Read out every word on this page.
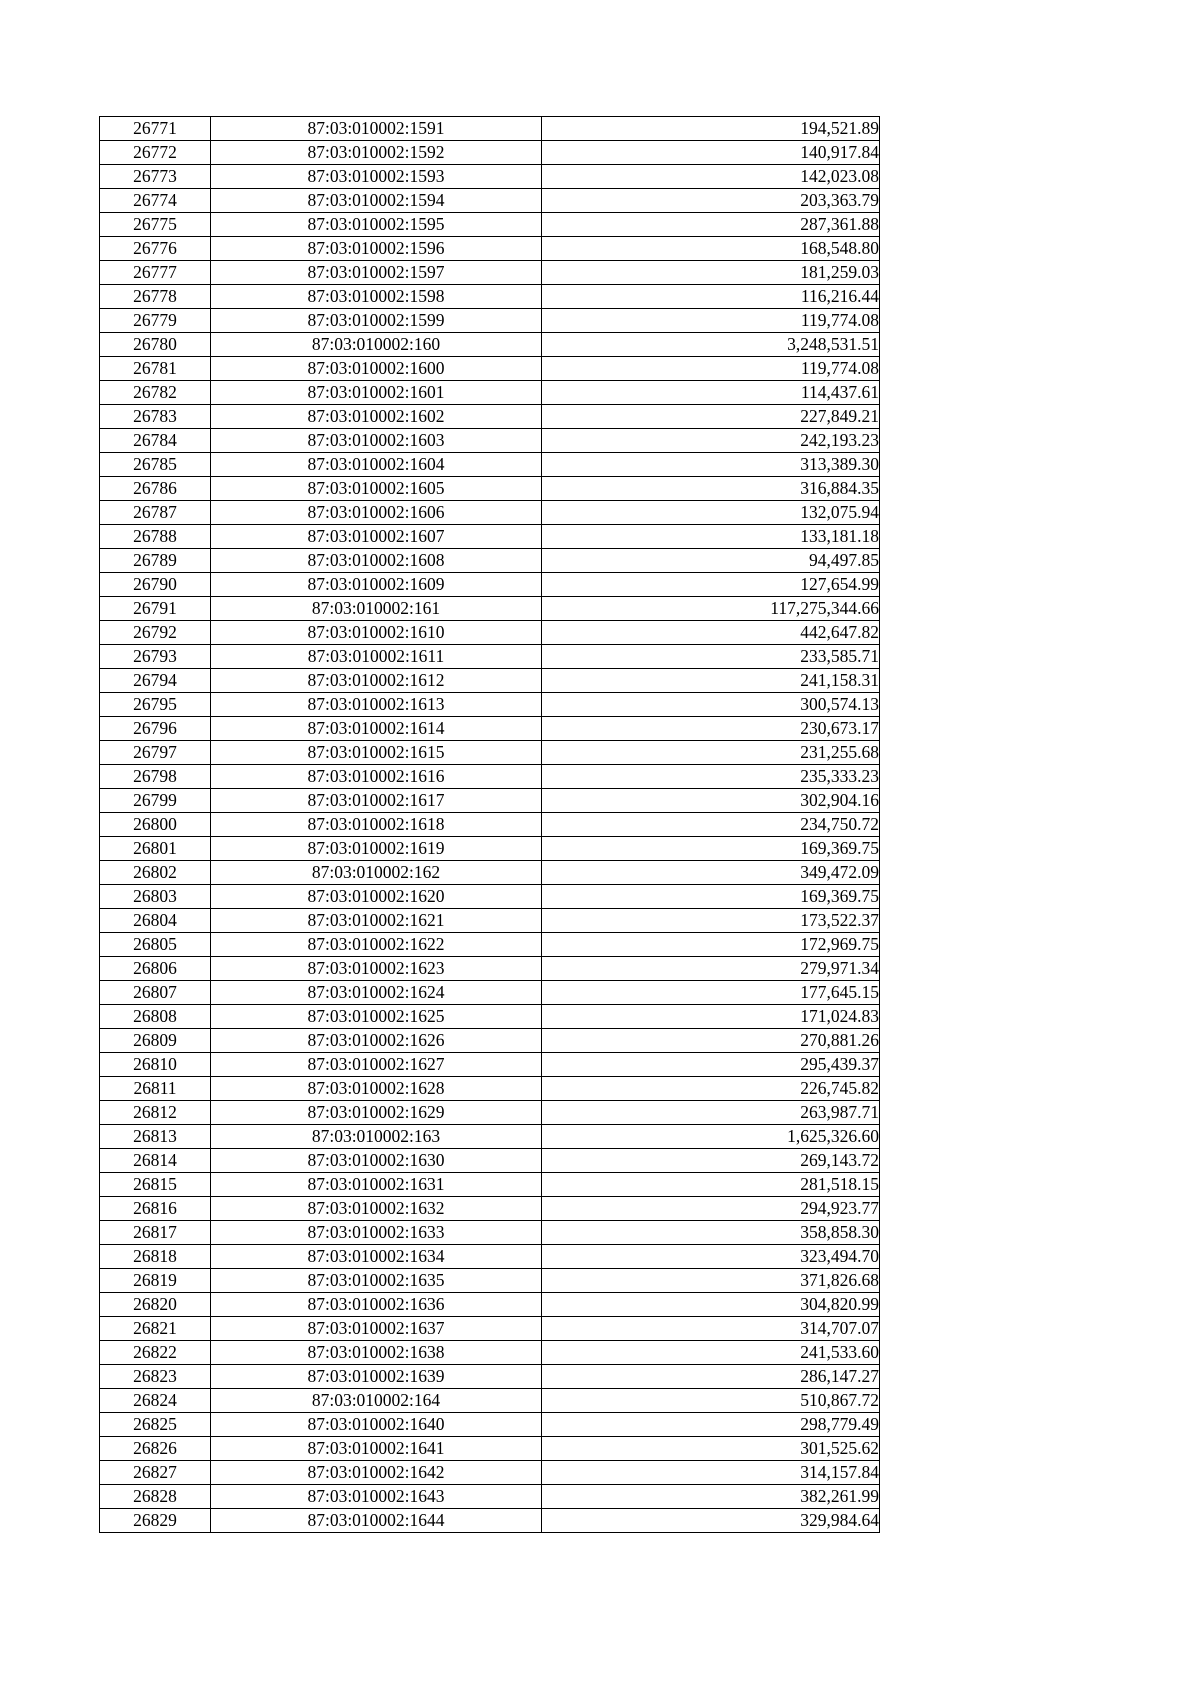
26771	87:03:010002:1591	194,521.89
26772	87:03:010002:1592	140,917.84
26773	87:03:010002:1593	142,023.08
26774	87:03:010002:1594	203,363.79
26775	87:03:010002:1595	287,361.88
26776	87:03:010002:1596	168,548.80
26777	87:03:010002:1597	181,259.03
26778	87:03:010002:1598	116,216.44
26779	87:03:010002:1599	119,774.08
26780	87:03:010002:160	3,248,531.51
26781	87:03:010002:1600	119,774.08
26782	87:03:010002:1601	114,437.61
26783	87:03:010002:1602	227,849.21
26784	87:03:010002:1603	242,193.23
26785	87:03:010002:1604	313,389.30
26786	87:03:010002:1605	316,884.35
26787	87:03:010002:1606	132,075.94
26788	87:03:010002:1607	133,181.18
26789	87:03:010002:1608	94,497.85
26790	87:03:010002:1609	127,654.99
26791	87:03:010002:161	117,275,344.66
26792	87:03:010002:1610	442,647.82
26793	87:03:010002:1611	233,585.71
26794	87:03:010002:1612	241,158.31
26795	87:03:010002:1613	300,574.13
26796	87:03:010002:1614	230,673.17
26797	87:03:010002:1615	231,255.68
26798	87:03:010002:1616	235,333.23
26799	87:03:010002:1617	302,904.16
26800	87:03:010002:1618	234,750.72
26801	87:03:010002:1619	169,369.75
26802	87:03:010002:162	349,472.09
26803	87:03:010002:1620	169,369.75
26804	87:03:010002:1621	173,522.37
26805	87:03:010002:1622	172,969.75
26806	87:03:010002:1623	279,971.34
26807	87:03:010002:1624	177,645.15
26808	87:03:010002:1625	171,024.83
26809	87:03:010002:1626	270,881.26
26810	87:03:010002:1627	295,439.37
26811	87:03:010002:1628	226,745.82
26812	87:03:010002:1629	263,987.71
26813	87:03:010002:163	1,625,326.60
26814	87:03:010002:1630	269,143.72
26815	87:03:010002:1631	281,518.15
26816	87:03:010002:1632	294,923.77
26817	87:03:010002:1633	358,858.30
26818	87:03:010002:1634	323,494.70
26819	87:03:010002:1635	371,826.68
26820	87:03:010002:1636	304,820.99
26821	87:03:010002:1637	314,707.07
26822	87:03:010002:1638	241,533.60
26823	87:03:010002:1639	286,147.27
26824	87:03:010002:164	510,867.72
26825	87:03:010002:1640	298,779.49
26826	87:03:010002:1641	301,525.62
26827	87:03:010002:1642	314,157.84
26828	87:03:010002:1643	382,261.99
26829	87:03:010002:1644	329,984.64
